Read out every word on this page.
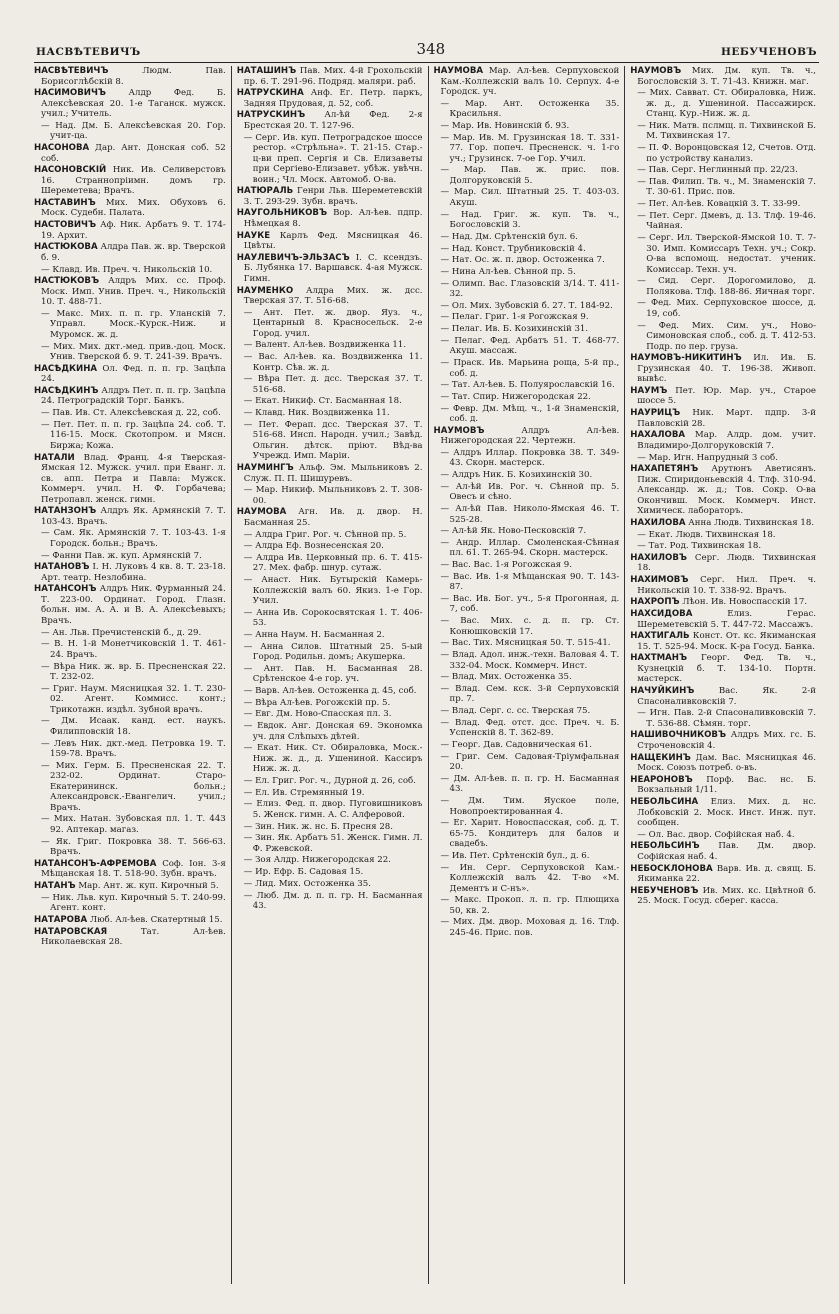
НАСВѢТЕВИЧЪ	348	НЕБУЧЕНОВЪ
НАСВѢТЕВИЧЪ	Людм. Пав. Борисоглѣбскій 8.
НАСИМОВИЧЪ	Алдр Фед. Б. Алексѣевская 20. 1-е Таганск. мужск. учил.; Учитель.
— Над. Дм. Б. Алексѣевская 20. Гор. учит-ца.
НАСОНОВА Дар. Ант. Донская соб. 52 соб.
НАСОНОВСКІЙ Ник. Ив. Селиверстовъ 16. Страннопріимн. домъ гр. Шереметева; Врачъ.
НАСТАВИНЪ Мих. Мих. Обуховъ 6. Моск. Судебн. Палата.
НАСТОВИЧЪ Аф. Ник. Арбатъ 9. Т. 174-19. Архит.
НАСТЮКОВА Алдра Пав. ж. вр. Тверской б. 9.
— Клавд. Ив. Преч. ч. Никольскій 10.
НАСТЮКОВЪ Алдръ Мих. сс. Проф. Моск. Имп. Унив. Преч. ч., Никольскій 10. Т. 488-71.
— Макс. Мих. п. п. гр. Уланскій 7. Управл. Моск.-Курск.-Ниж. и Муромск. ж. д.
— Мих. Мих. дкт.-мед. прив.-доц. Моск. Унив. Тверской б. 9. Т. 241-39. Врачъ.
НАСѢДКИНА Ол. Фед. п. п. гр. Зацѣпа 24.
НАСѢДКИНЪ Алдръ Пет. п. п. гр. Зацѣпа 24. Петроградскій Торг. Банкъ.
— Пав. Ив. Ст. Алексѣевская д. 22, соб.
— Пет. Пет. п. п. гр. Зацѣпа 24. соб. Т. 116-15. Моск. Скотопром. и Мясн. Биржа; Кожа.
НАТАЛИ Влад. Франц. 4-я Тверская-Ямская 12. Мужск. учил. при Еванг. л. св. апп. Петра и Павла: Мужск. Коммерч. учил. Н. Ф. Горбачева; Петропавл. женск. гимн.
НАТАНЗОНЪ Алдръ Як. Армянскій 7. Т. 103-43. Врачъ.
— Сам. Як. Армянскій 7. Т. 103-43. 1-я Городск. больн.; Врачъ.
— Фанни Пав. ж. куп. Армянскій 7.
НАТАНОВЪ I. Н. Луковъ 4 кв. 8. Т. 23-18. Арт. театр. Незлобина.
НАТАНСОНЪ Алдръ Ник. Фурманный 24. Т. 223-00. Ординат. Город. Глазн. больн. им. А. А. и В. А. Алексѣевыхъ; Врачъ.
— Ан. Льв. Пречистенскій б., д. 29.
— В. Н. 1-й Монетчиковскій 1. Т. 461-24. Врачъ.
— Вѣра Ник. ж. вр. Б. Пресненская 22. Т. 232-02.
— Григ. Наум. Мясницкая 32. 1. Т. 230-02. Агент. Коммисс. конт.; Трикотажн. издѣл. Зубной врачъ.
— Дм. Исаак. канд. ест. наукъ. Филипповскій 18.
— Левъ Ник. дкт.-мед. Петровка 19. Т. 159-78. Врачъ.
— Мих. Герм. Б. Пресненская 22. Т. 232-02. Ординат. Старо-Екатерининск. больн.; Александровск.-Евангелич. учил.; Врачъ.
— Мих. Натан. Зубовская пл. 1. Т. 443 92. Аптекар. магаз.
— Як. Григ. Покровка 38. Т. 566-63. Врачъ.
НАТАНСОНЪ-АФРЕМОВА Соф. Іон. 3-я Мѣщанская 18. Т. 518-90. Зубн. врачъ.
НАТАНЪ Мар. Ант. ж. куп. Кирочный 5.
— Ник. Льв. куп. Кирочный 5. Т. 240-99. Агент. конт.
НАТАРОВА Люб. Ал-ѣев. Скатертный 15.
НАТАРОВСКАЯ	Тат. Ал-ѣев. Николаевская 28.
НАТАШИНЪ Пав. Мих. 4-й Грохольскій пр. 6. Т. 291-96. Подряд. маляри. раб.
НАТРУСКИНА Анф. Ег. Петр. паркъ, Задняя Прудовая, д. 52, соб.
НАТРУСКИНЪ Ал-ѣй Фед. 2-я Брестская 20. Т. 127-96.
— Серг. Ив. куп. Петроградское шоссе рестор. «Стрѣльна». Т. 21-15. Стар.-ц-ви преп. Сергія и Св. Елизаветы при Сергіево-Елизавет. убѣж. увѣчн. воин.; Чл. Моск. Автомоб. О-ва.
НАТЮРАЛЬ Генри Льв. Шереметевскій 3. Т. 293-29. Зубн. врачъ.
НАУГОЛЬНИКОВЪ Вор. Ал-ѣев. пдпр. Нѣмецкая 8.
НАУКЕ Карлъ Фед. Мясницкая 46. Цвѣты.
НАУЛЕВИЧЪ-ЭЛЬЗАСЪ I. С. ксендзъ. Б. Лубянка 17. Варшавск. 4-ая Мужск. Гимн.
НАУМЕНКО Алдра Мих. ж. дсс. Тверская 37. Т. 516-68.
— Ант. Пет. ж. двор. Яуз. ч., Центарный 8. Красносельск. 2-е Город. учил.
— Валент. Ал-ѣев. Воздвиженка 11.
— Вас. Ал-ѣев. ка. Воздвиженка 11. Контр. Сѣв. ж. д.
— Вѣра Пет. д. дсс. Тверская 37. Т. 516-68.
— Екат. Никиф. Ст. Басманная 18.
— Клавд. Ник. Воздвиженка 11.
— Пет. Ферап. дсс. Тверская 37. Т. 516-68. Инсп. Народн. учил.; Завѣд. Ольгин. дѣтск. пріют. Вѣд-ва Учрежд. Имп. Маріи.
НАУМИНГЪ Альф. Эм. Мыльниковъ 2. Служ. П. П. Шишуревъ.
— Мар. Никиф. Мыльниковъ 2. Т. 308-00.
НАУМОВА Агн. Ив. д. двор. Н. Басманная 25.
— Алдра Григ. Рог. ч. Сѣнной пр. 5.
— Алдра Еф. Вознесенская 20.
— Алдра Ив. Церковный пр. 6. Т. 415-27. Мех. фабр. шнур. сутаж.
— Анаст. Ник. Бутырскій Камерь-Коллежскій валъ 60. Якиз. 1-е Гор. Учил.
— Анна Ив. Сорокосвятская 1. Т. 406-53.
— Анна Наум. Н. Басманная 2.
— Анна Силов. Штатный 25. 5-ый Город. Родильн. домъ; Акушерка.
— Ант. Пав. Н. Басманная 28. Срѣтенское 4-е гор. уч.
— Варв. Ал-ѣев. Остоженка д. 45, соб.
— Вѣра Ал-ѣев. Рогожскій пр. 5.
— Евг. Дм. Ново-Спасская пл. 3.
— Евдок. Анг. Донская 69. Экономка уч. для Слѣпыхъ дѣтей.
— Екат. Ник. Ст. Обираловка, Моск.-Ниж. ж. д., д. Ушениной. Кассиръ Ниж. ж. д.
— Ел. Григ. Рог. ч., Дурной д. 26, соб.
— Ел. Ив. Стремянный 19.
— Елиз. Фед. п. двор. Пуговишниковъ 5. Женск. гимн. А. С. Алферовой.
— Зин. Ник. ж. нс. Б. Пресня 28.
— Зин. Як. Арбатъ 51. Женск. Гимн. Л. Ф. Ржевской.
— Зоя Алдр. Нижегородская 22.
— Ир. Ефр. Б. Садовая 15.
— Лид. Мих. Остоженка 35.
— Люб. Дм. д. п. п. гр. Н. Басманная 43.
НАУМОВА Мар. Ал-ѣев. Серпуховской Кам.-Коллежскій валъ 10. Серпух. 4-е Городск. уч.
— Мар. Ант. Остоженка 35. Красильня.
— Мар. Ив. Новинскій б. 93.
— Мар. Ив. М. Грузинская 18. Т. 331-77. Гор. попеч. Пресненск. ч. 1-го уч.; Грузинск. 7-ое Гор. Учил.
— Мар. Пав. ж. прис. пов. Долгоруковскій 5.
— Мар. Сил. Штатный 25. Т. 403-03. Акуш.
— Над. Григ. ж. куп. Тв. ч., Богословскій 3.
— Над. Дм. Срѣтенскій бул. 6.
— Над. Конст. Трубниковскій 4.
— Нат. Ос. ж. п. двор. Остоженка 7.
— Нина Ал-ѣев. Сѣнной пр. 5.
— Олимп. Вас. Глазовскій 3/14. Т. 411-32.
— Ол. Мих. Зубовскій б. 27. Т. 184-92.
— Пелаг. Григ. 1-я Рогожская 9.
— Пелаг. Ив. Б. Козихинскій 31.
— Пелаг. Фед. Арбатъ 51. Т. 468-77. Акуш. массаж.
— Праск. Ив. Марьина роща, 5-й пр., соб. д.
— Тат. Ал-ѣев. Б. Полуярославскій 16.
— Тат. Спир. Нижегородская 22.
— Февр. Дм. Мѣщ. ч., 1-й Знаменскій, соб. д.
НАУМОВЪ	Алдръ Ал-ѣев. Нижегородская 22. Чертежн.
— Алдръ Иллар. Покровка 38. Т. 349-43. Скорн. мастерск.
— Алдръ Ник. Б. Козихинскій 30.
— Ал-ѣй Ив. Рог. ч. Сѣнной пр. 5. Овесъ и сѣно.
— Ал-ѣй Пав. Николо-Ямская 46. Т. 525-28.
— Ал-ѣй Як. Ново-Песковскій 7.
— Андр. Иллар. Смоленская-Сѣнная пл. 61. Т. 265-94. Скорн. мастерск.
— Вас. Вас. 1-я Рогожская 9.
— Вас. Ив. 1-я Мѣщанская 90. Т. 143-87.
— Вас. Ив. Бог. уч., 5-я Прогонная, д. 7, соб.
— Вас. Мих. с. д. п. гр. Ст. Конюшковскій 17.
— Вас. Тих. Мясницкая 50. Т. 515-41.
— Влад. Адол. инж.-техн. Валовая 4. Т. 332-04. Моск. Коммерч. Инст.
— Влад. Мих. Остоженка 35.
— Влад. Сем. кск. 3-й Серпуховскій пр. 7.
— Влад. Серг. с. сс. Тверская 75.
— Влад. Фед. отст. дсс. Преч. ч. Б. Успенскій 8. Т. 362-89.
— Георг. Дав. Садовническая 61.
— Григ. Сем. Садовая-Тріумфальная 20.
— Дм. Ал-ѣев. п. п. гр. Н. Басманная 43.
— Дм. Тим. Яуское поле, Новопроектированная 4.
— Ег. Харит. Новоспасская, соб. д. Т. 65-75. Кондитеръ для балов и свадебъ.
— Ив. Пет. Срѣтенскій бул., д. 6.
— Ин. Серг. Серпуховской Кам.-Коллежскій валъ 42. Т-во «М. Дементъ и С-нъ».
— Макс. Прокоп. л. п. гр. Плющиха 50, кв. 2.
— Мих. Дм. двор. Моховая д. 16. Тлф. 245-46. Прис. пов.
НАУМОВЪ Мих. Дм. куп. Тв. ч., Богословскій 3. Т. 71-43. Книжн. маг.
— Мих. Савват. Ст. Обираловка, Ниж. ж. д., д. Ушениной. Пассажирск. Станц. Кур.-Ниж. ж. д.
— Ник. Матв. пслмщ. п. Тихвинской Б. М. Тихвинская 17.
— П. Ф. Воронцовская 12, Счетов. Отд. по устройству канализ.
— Пав. Серг. Неглинный пр. 22/23.
— Пав. Филип. Тв. ч., М. Знаменскій 7. Т. 30-61. Прис. пов.
— Пет. Ал-ѣев. Ковацкій 3. Т. 33-99.
— Пет. Серг. Дмевъ, д. 13. Тлф. 19-46. Чайная.
— Серг. Ил. Тверской-Ямской 10. Т. 7-30. Имп. Комиссаръ Техн. уч.; Сокр. О-ва вспомощ. недостат. ученик. Комиссар. Техн. уч.
— Сид. Серг. Дорогомилово, д. Полякова. Тлф. 188-86. Яичная торг.
— Фед. Мих. Серпуховское шоссе, д. 19, соб.
— Фед. Мих. Сим. уч., Ново-Симоновская слоб., соб. д. Т. 412-53. Подр. по пер. груза.
НАУМОВЪ-НИКИТИНЪ Ил. Ив. Б. Грузинская 40. Т. 196-38. Живоп. вывѣс.
НАУМЪ Пет. Юр. Мар. уч., Старое шоссе 5.
НАУРИЦЪ Ник. Март. пдпр. 3-й Павловскій 28.
НАХАЛОВА Мар. Алдр. дом. учит. Владимиро-Долгоруковскій 7.
— Мар. Игн. Напрудный 3 соб.
НАХАПЕТЯНЪ Арутюнъ Аветисянъ. Пиж. Спиридоньевскій 4. Тлф. 310-94. Александр. ж. д.; Тов. Сокр. О-ва Окончивш. Моск. Коммерч. Инст. Химическ. лабораторъ.
НАХИЛОВА Анна Людв. Тихвинская 18.
— Екат. Людв. Тихвинская 18.
— Тат. Род. Тихвинская 18.
НАХИЛОВЪ Серг. Людв. Тихвинская 18.
НАХИМОВЪ Серг. Нил. Преч. ч. Никольскій 10. Т. 338-92. Врачъ.
НАХРОПЪ Лѣон. Ив. Новоспасскій 17.
НАХСИДОВА	Елиз. Герас. Шереметевскій 5. Т. 447-72. Массажъ.
НАХТИГАЛЬ Конст. От. кс. Якиманская 15. Т. 525-94. Моск. К-ра Госуд. Банка.
НАХТМАНЪ Георг. Фед. Тв. ч., Кузнецкій б. Т. 134-10. Портн. мастерск.
НАЧУЙКИНЪ	Вас. Як. 2-й Спасоналивковскій 7.
— Игн. Пав. 2-й Спасоналивковскій 7. Т. 536-88. Сѣмян. торг.
НАШИВОЧНИКОВЪ Алдръ Мих. гс. Б. Строченовскій 4.
НАЩЕКИНЪ Дам. Вас. Мясницкая 46. Моск. Союзъ потреб. о-въ.
НЕАРОНОВЪ Порф. Вас. нс. Б. Вокзальный 1/11.
НЕБОЛЬСИНА Елиз. Мих. д. нс. Лобковскій 2. Моск. Инст. Инж. пут. сообщен.
— Ол. Вас. двор. Софійская наб. 4.
НЕБОЛЬСИНЪ Пав. Дм. двор. Софійская наб. 4.
НЕБОСКЛОНОВА Варв. Ив. д. свящ. Б. Якиманка 22.
НЕБУЧЕНОВЪ Ив. Мих. кс. Цвѣтной б. 25. Моск. Госуд. сберег. касса.
